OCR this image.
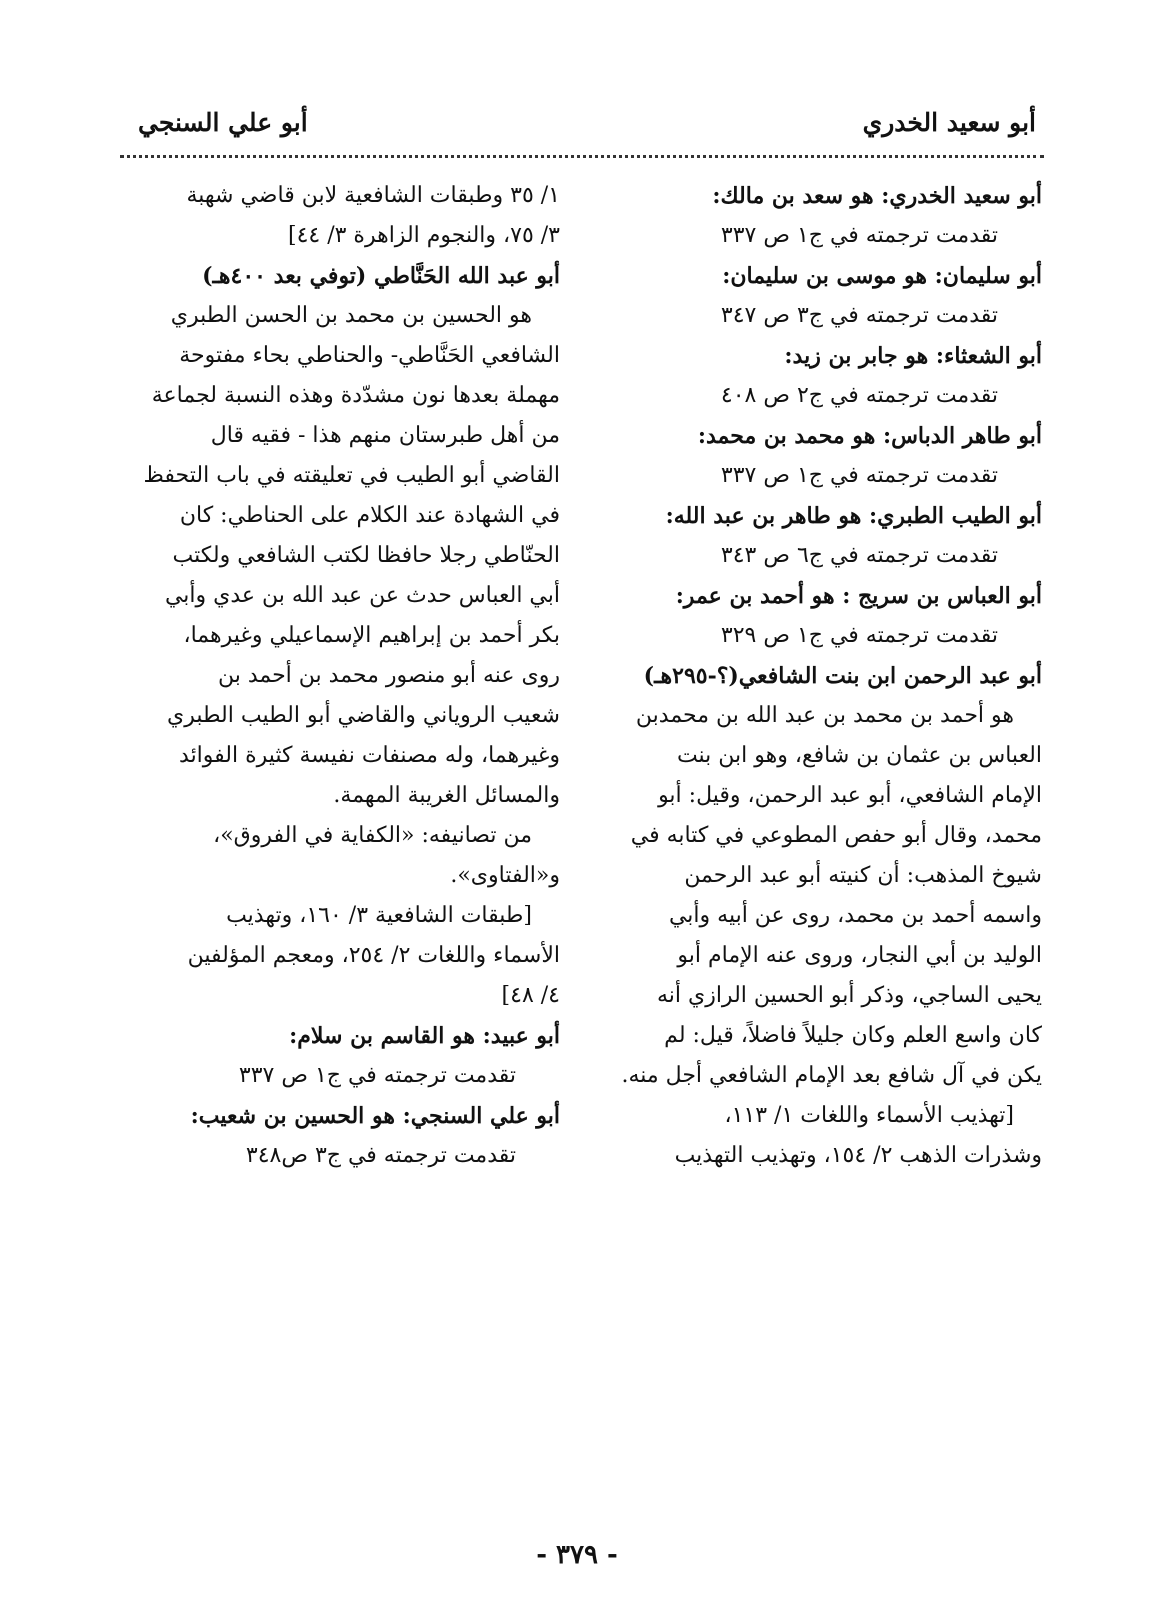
أبو سعيد الخدري
أبو علي السنجي
أبو سعيد الخدري: هو سعد بن مالك:
تقدمت ترجمته في ج١ ص ٣٣٧
أبو سليمان: هو موسى بن سليمان:
تقدمت ترجمته في ج٣ ص ٣٤٧
أبو الشعثاء: هو جابر بن زيد:
تقدمت ترجمته في ج٢ ص ٤٠٨
أبو طاهر الدباس: هو محمد بن محمد:
تقدمت ترجمته في ج١ ص ٣٣٧
أبو الطيب الطبري: هو طاهر بن عبد الله:
تقدمت ترجمته في ج٦ ص ٣٤٣
أبو العباس بن سريج : هو أحمد بن عمر:
تقدمت ترجمته في ج١ ص ٣٢٩
أبو عبد الرحمن ابن بنت الشافعي(؟-٢٩٥هـ)
هو أحمد بن محمد بن عبد الله بن محمدبن
العباس بن عثمان بن شافع، وهو ابن بنت
الإمام الشافعي، أبو عبد الرحمن، وقيل: أبو
محمد، وقال أبو حفص المطوعي في كتابه في
شيوخ المذهب: أن كنيته أبو عبد الرحمن
واسمه أحمد بن محمد، روى عن أبيه وأبي
الوليد بن أبي النجار، وروى عنه الإمام أبو
يحيى الساجي، وذكر أبو الحسين الرازي أنه
كان واسع العلم وكان جليلاً فاضلاً، قيل: لم
يكن في آل شافع بعد الإمام الشافعي أجل منه.
[تهذيب الأسماء واللغات ١/ ١١٣،
وشذرات الذهب ٢/ ١٥٤، وتهذيب التهذيب
١/ ٣٥ وطبقات الشافعية لابن قاضي شهبة
٣/ ٧٥، والنجوم الزاهرة ٣/ ٤٤]
أبو عبد الله الحَنَّاطي (توفي بعد ٤٠٠هـ)
هو الحسين بن محمد بن الحسن الطبري
الشافعي الحَنَّاطي- والحناطي بحاء مفتوحة
مهملة بعدها نون مشدّدة وهذه النسبة لجماعة
من أهل طبرستان منهم هذا - فقيه قال
القاضي أبو الطيب في تعليقته في باب التحفظ
في الشهادة عند الكلام على الحناطي: كان
الحنّاطي رجلا حافظا لكتب الشافعي ولكتب
أبي العباس حدث عن عبد الله بن عدي وأبي
بكر أحمد بن إبراهيم الإسماعيلي وغيرهما،
روى عنه أبو منصور محمد بن أحمد بن
شعيب الروياني والقاضي أبو الطيب الطبري
وغيرهما، وله مصنفات نفيسة كثيرة الفوائد
والمسائل الغريبة المهمة.
من تصانيفه: «الكفاية في الفروق»،
و«الفتاوى».
[طبقات الشافعية ٣/ ١٦٠، وتهذيب
الأسماء واللغات ٢/ ٢٥٤، ومعجم المؤلفين
٤/ ٤٨]
أبو عبيد: هو القاسم بن سلام:
تقدمت ترجمته في ج١ ص ٣٣٧
أبو علي السنجي: هو الحسين بن شعيب:
تقدمت ترجمته في ج٣ ص٣٤٨
- ٣٧٩ -
